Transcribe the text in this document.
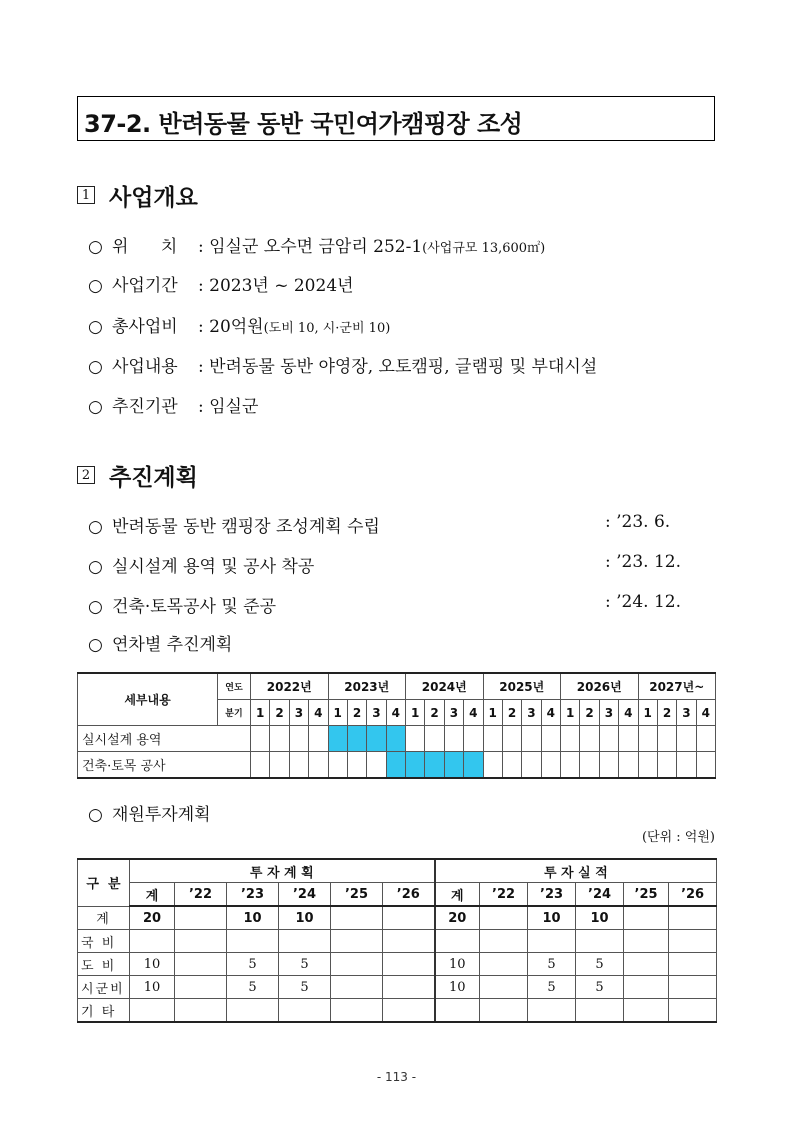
37-2. 반려동물 동반 국민여가캠핑장 조성
1 사업개요
○ 위      치 : 임실군 오수면 금암리 252-1(사업규모 13,600㎡)
○ 사업기간 : 2023년 ~ 2024년
○ 총사업비 : 20억원(도비 10, 시·군비 10)
○ 사업내용 : 반려동물 동반 야영장, 오토캠핑, 글램핑 및 부대시설
○ 추진기관 : 임실군
2 추진계획
○ 반려동물 동반 캠핑장 조성계획 수립	: ’23. 6.
○ 실시설계 용역 및 공사 착공	: ’23. 12.
○ 건축·토목공사 및 준공	: ’24. 12.
○ 연차별 추진계획
세부내용	연도	2022년				2023년				2024년				2025년				2026년				2027년~			
	분기	1	2	3	4	1	2	3	4	1	2	3	4	1	2	3	4	1	2	3	4	1	2	3	4
실시설계 용역																									
건축·토목 공사																									
○ 재원투자계획
(단위 : 억원)
구  분	투 자 계 획						투 자 실 적					
	계	’22	’23	’24	’25	’26	계	’22	’23	’24	’25	’26
계	20		10	10			20		10	10		
국 비												
도 비	10		5	5			10		5	5		
시군비	10		5	5			10		5	5		
기 타												
- 113 -
